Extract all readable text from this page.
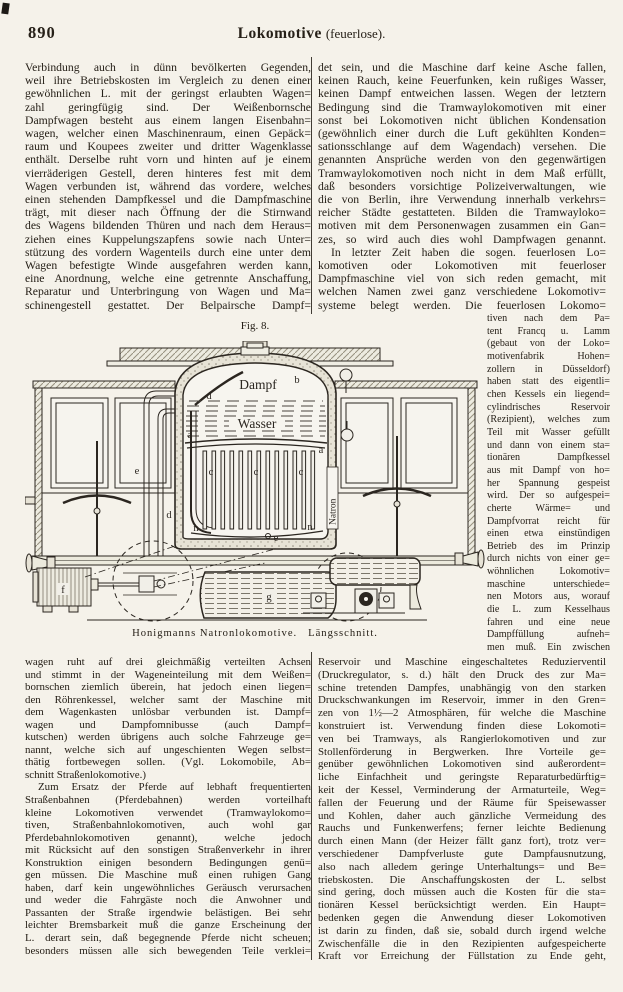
890	Lokomotive (feuerlose).
Verbindung auch in dünn bevölkerten Gegenden,
weil ihre Betriebskosten im Vergleich zu denen einer
gewöhnlichen L. mit der geringst erlaubten Wagen=
zahl geringfügig sind. Der Weißenbornsche
Dampfwagen besteht aus einem langen Eisenbahn=
wagen, welcher einen Maschinenraum, einen Gepäck=
raum und Koupees zweiter und dritter Wagenklasse
enthält. Derselbe ruht vorn und hinten auf je einem
vierräderigen Gestell, deren hinteres fest mit dem
Wagen verbunden ist, während das vordere, welches
einen stehenden Dampfkessel und die Dampfmaschine
trägt, mit dieser nach Öffnung der die Stirnwand
des Wagens bildenden Thüren und nach dem Heraus=
ziehen eines Kuppelungszapfens sowie nach Unter=
stützung des vordern Wagenteils durch eine unter dem
Wagen befestigte Winde ausgefahren werden kann,
eine Anordnung, welche eine getrennte Anschaffung,
Reparatur und Unterbringung von Wagen und Ma=
schinengestell gestattet. Der Belpairsche Dampf=
det sein, und die Maschine darf keine Asche fallen,
keinen Rauch, keine Feuerfunken, kein rußiges Wasser,
keinen Dampf entweichen lassen. Wegen der letztern
Bedingung sind die Tramwaylokomotiven mit einer
sonst bei Lokomotiven nicht üblichen Kondensation
(gewöhnlich einer durch die Luft gekühlten Konden=
sationsschlange auf dem Wagendach) versehen. Die
genannten Ansprüche werden von den gegenwärtigen
Tramwaylokomotiven noch nicht in dem Maß erfüllt,
daß besonders vorsichtige Polizeiverwaltungen, wie
die von Berlin, ihre Verwendung innerhalb verkehrs=
reicher Städte gestatteten. Bilden die Tramwayloko=
motiven mit dem Personenwagen zusammen ein Gan=
zes, so wird auch dies wohl Dampfwagen genannt.
In letzter Zeit haben die sogen. feuerlosen Lo=
komotiven oder Lokomotiven mit feuerloser
Dampfmaschine viel von sich reden gemacht, mit
welchen Namen zwei ganz verschiedene Lokomotiv=
systeme belegt werden. Die feuerlosen Lokomo=
tiven nach dem Pa=
tent Francq u. Lamm
(gebaut von der Loko=
motivenfabrik Hohen=
zollern in Düsseldorf)
haben statt des eigentli=
chen Kessels ein liegend=
cylindrisches Reservoir
(Rezipient), welches zum
Teil mit Wasser gefüllt
und dann von einem sta=
tionären Dampfkessel
aus mit Dampf von ho=
her Spannung gespeist
wird. Der so aufgespei=
cherte Wärme= und
Dampfvorrat reicht für
einen etwa einstündigen
Betrieb des im Prinzip
durch nichts von einer ge=
wöhnlichen Lokomotiv=
maschine unterschiede=
nen Motors aus, worauf
die L. zum Kesselhaus
fahren und eine neue
Dampffüllung aufneh=
men muß. Ein zwischen
wagen ruht auf drei gleichmäßig verteilten Achsen
und stimmt in der Wageneinteilung mit dem Weißen=
bornschen ziemlich überein, hat jedoch einen liegen=
den Röhrenkessel, welcher samt der Maschine mit
dem Wagenkasten unlösbar verbunden ist. Dampf=
wagen und Dampfomnibusse (auch Dampf=
kutschen) werden übrigens auch solche Fahrzeuge ge=
nannt, welche sich auf ungeschienten Wegen selbst=
thätig fortbewegen sollen. (Vgl. Lokomobile, Ab=
schnitt Straßenlokomotive.)
Zum Ersatz der Pferde auf lebhaft frequentierten
Straßenbahnen (Pferdebahnen) werden vorteilhaft
kleine Lokomotiven verwendet (Tramwaylokomo=
tiven, Straßenbahnlokomotiven, auch wohl gar
Pferdebahnlokomotiven genannt), welche jedoch
mit Rücksicht auf den sonstigen Straßenverkehr in ihrer
Konstruktion einigen besondern Bedingungen genü=
gen müssen. Die Maschine muß einen ruhigen Gang
haben, darf kein ungewöhnliches Geräusch verursachen
und weder die Fahrgäste noch die Anwohner und
Passanten der Straße irgendwie belästigen. Bei sehr
leichter Bremsbarkeit muß die ganze Erscheinung der
L. derart sein, daß begegnende Pferde nicht scheuen;
besonders müssen alle sich bewegenden Teile verklei=
Reservoir und Maschine eingeschaltetes Reduzierventil
(Druckregulator, s. d.) hält den Druck des zur Ma=
schine tretenden Dampfes, unabhängig von den starken
Druckschwankungen im Reservoir, immer in den Gren=
zen von 1½—2 Atmosphären, für welche die Maschine
konstruiert ist. Verwendung finden diese Lokomoti=
ven bei Tramways, als Rangierlokomotiven und zur
Stollenförderung in Bergwerken. Ihre Vorteile ge=
genüber gewöhnlichen Lokomotiven sind außerordent=
liche Einfachheit und geringste Reparaturbedürftig=
keit der Kessel, Verminderung der Armaturteile, Weg=
fallen der Feuerung und der Räume für Speisewasser
und Kohlen, daher auch gänzliche Vermeidung des
Rauchs und Funkenwerfens; ferner leichte Bedienung
durch einen Mann (der Heizer fällt ganz fort), trotz ver=
verschiedener Dampfverluste gute Dampfausnutzung,
also nach alledem geringe Unterhaltungs= und Be=
triebskosten. Die Anschaffungskosten der L. selbst
sind gering, doch müssen auch die Kosten für die sta=
tionären Kessel berücksichtigt werden. Ein Haupt=
bedenken gegen die Anwendung dieser Lokomotiven
ist darin zu finden, daß sie, sobald durch irgend welche
Zwischenfälle die in den Rezipienten aufgespeicherte
Kraft vor Erreichung der Füllstation zu Ende geht,
Fig. 8.
Dampf
Wasser
Natron
d
b
a
a
c	c	c
e
d
e
n	n
f
g
Honigmanns Natronlokomotive.   Längsschnitt.
